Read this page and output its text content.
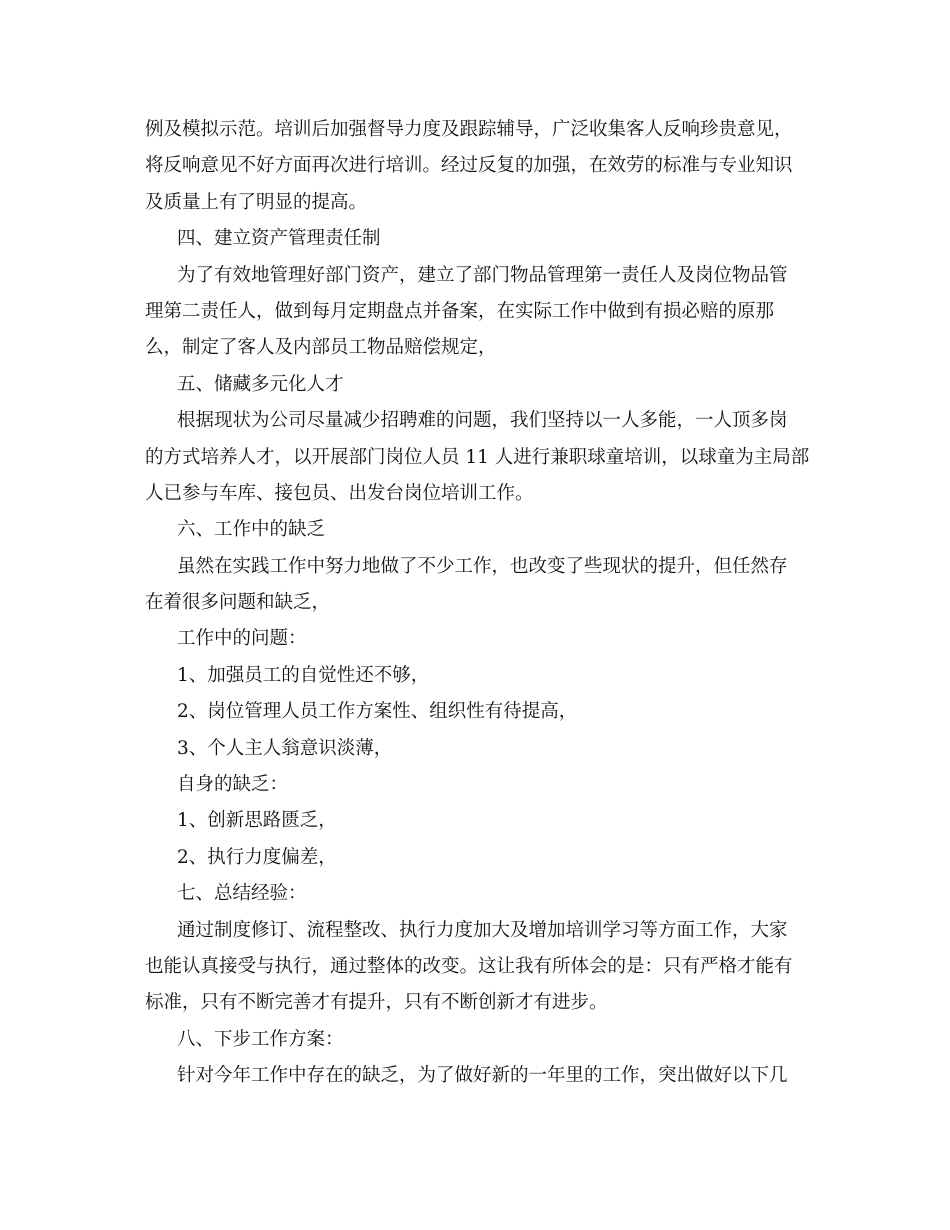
例及模拟示范。培训后加强督导力度及跟踪辅导，广泛收集客人反响珍贵意见，
将反响意见不好方面再次进行培训。经过反复的加强，在效劳的标准与专业知识
及质量上有了明显的提高。
四、建立资产管理责任制
为了有效地管理好部门资产，建立了部门物品管理第一责任人及岗位物品管
理第二责任人，做到每月定期盘点并备案，在实际工作中做到有损必赔的原那
么，制定了客人及内部员工物品赔偿规定，
五、储藏多元化人才
根据现状为公司尽量减少招聘难的问题，我们坚持以一人多能，一人顶多岗
的方式培养人才，以开展部门岗位人员 11 人进行兼职球童培训，以球童为主局部
人已参与车库、接包员、出发台岗位培训工作。
六、工作中的缺乏
虽然在实践工作中努力地做了不少工作，也改变了些现状的提升，但任然存
在着很多问题和缺乏，
工作中的问题：
1、加强员工的自觉性还不够，
2、岗位管理人员工作方案性、组织性有待提高，
3、个人主人翁意识淡薄，
自身的缺乏：
1、创新思路匮乏，
2、执行力度偏差，
七、总结经验：
通过制度修订、流程整改、执行力度加大及增加培训学习等方面工作，大家
也能认真接受与执行，通过整体的改变。这让我有所体会的是：只有严格才能有
标准，只有不断完善才有提升，只有不断创新才有进步。
八、下步工作方案：
针对今年工作中存在的缺乏，为了做好新的一年里的工作，突出做好以下几
